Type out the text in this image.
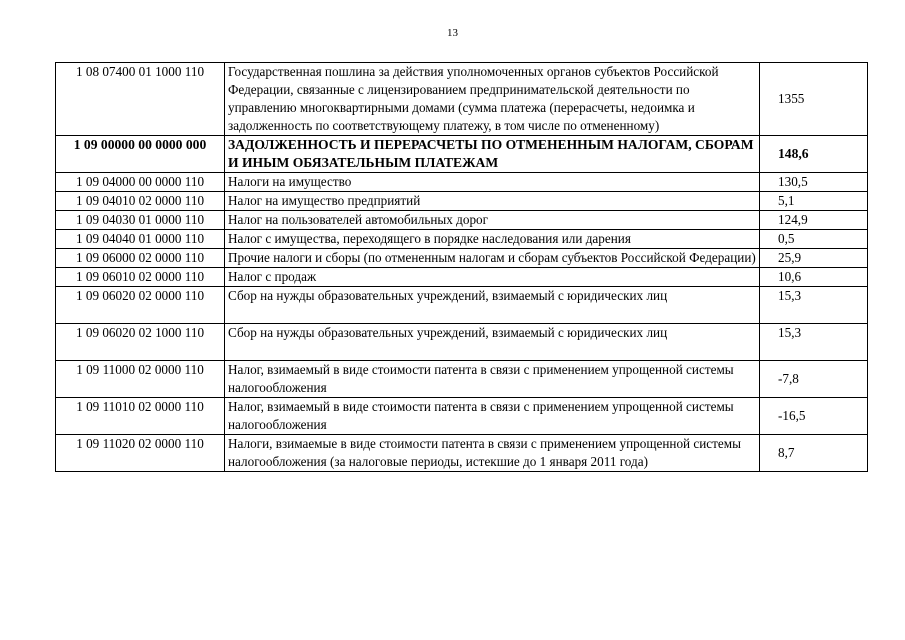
13
1 08 07400 01 1000 110	Государственная пошлина за действия уполномоченных органов субъектов Российской Федерации, связанные с лицензированием предпринимательской деятельности по управлению многоквартирными домами (сумма платежа (перерасчеты, недоимка и задолженность по соответствующему платежу, в том числе по отмененному)	1355
1 09 00000 00 0000 000	ЗАДОЛЖЕННОСТЬ И ПЕРЕРАСЧЕТЫ ПО ОТМЕНЕННЫМ НАЛОГАМ, СБОРАМ И ИНЫМ ОБЯЗАТЕЛЬНЫМ ПЛАТЕЖАМ	148,6
1 09 04000 00 0000 110	Налоги на имущество	130,5
1 09 04010 02 0000 110	Налог на имущество предприятий	5,1
1 09 04030 01 0000 110	Налог на пользователей автомобильных дорог	124,9
1 09 04040 01 0000 110	Налог с имущества, переходящего в порядке наследования или дарения	0,5
1 09 06000 02 0000 110	Прочие налоги и сборы (по отмененным налогам и сборам субъектов Российской Федерации)	25,9
1 09 06010 02 0000 110	Налог с продаж	10,6
1 09 06020 02 0000 110	Сбор на нужды образовательных учреждений, взимаемый с юридических лиц	15,3
1 09 06020 02 1000 110	Сбор на нужды образовательных учреждений, взимаемый с юридических лиц	15,3
1 09 11000 02 0000 110	Налог, взимаемый в виде стоимости патента в связи с применением упрощенной системы налогообложения	-7,8
1 09 11010 02 0000 110	Налог, взимаемый в виде стоимости патента в связи с применением упрощенной системы налогообложения	-16,5
1 09 11020 02 0000 110	Налоги, взимаемые в виде стоимости патента в связи с применением упрощенной системы налогообложения (за налоговые периоды, истекшие до 1 января 2011 года)	8,7
